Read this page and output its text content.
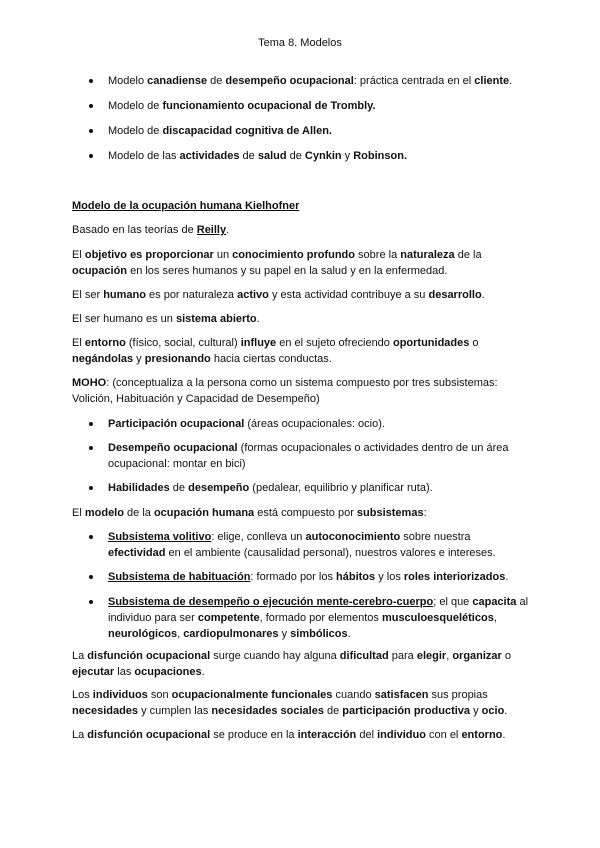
Tema 8. Modelos
Modelo canadiense de desempeño ocupacional: práctica centrada en el cliente.
Modelo de funcionamiento ocupacional de Trombly.
Modelo de discapacidad cognitiva de Allen.
Modelo de las actividades de salud de Cynkin y Robinson.
Modelo de la ocupación humana Kielhofner
Basado en las teorías de Reilly.
El objetivo es proporcionar un conocimiento profundo sobre la naturaleza de la ocupación en los seres humanos y su papel en la salud y en la enfermedad.
El ser humano es por naturaleza activo y esta actividad contribuye a su desarrollo.
El ser humano es un sistema abierto.
El entorno (físico, social, cultural) influye en el sujeto ofreciendo oportunidades o negándolas y presionando hacia ciertas conductas.
MOHO: (conceptualiza a la persona como un sistema compuesto por tres subsistemas: Volición, Habituación y Capacidad de Desempeño)
Participación ocupacional (áreas ocupacionales: ocio).
Desempeño ocupacional (formas ocupacionales o actividades dentro de un área ocupacional: montar en bici)
Habilidades de desempeño (pedalear, equilibrio y planificar ruta).
El modelo de la ocupación humana está compuesto por subsistemas:
Subsistema volitivo: elige, conlleva un autoconocimiento sobre nuestra efectividad en el ambiente (causalidad personal), nuestros valores e intereses.
Subsistema de habituación: formado por los hábitos y los roles interiorizados.
Subsistema de desempeño o ejecución mente-cerebro-cuerpo; el que capacita al individuo para ser competente, formado por elementos musculoesqueléticos, neurológicos, cardiopulmonares y simbólicos.
La disfunción ocupacional surge cuando hay alguna dificultad para elegir, organizar o ejecutar las ocupaciones.
Los individuos son ocupacionalmente funcionales cuando satisfacen sus propias necesidades y cumplen las necesidades sociales de participación productiva y ocio.
La disfunción ocupacional se produce en la interacción del individuo con el entorno.
